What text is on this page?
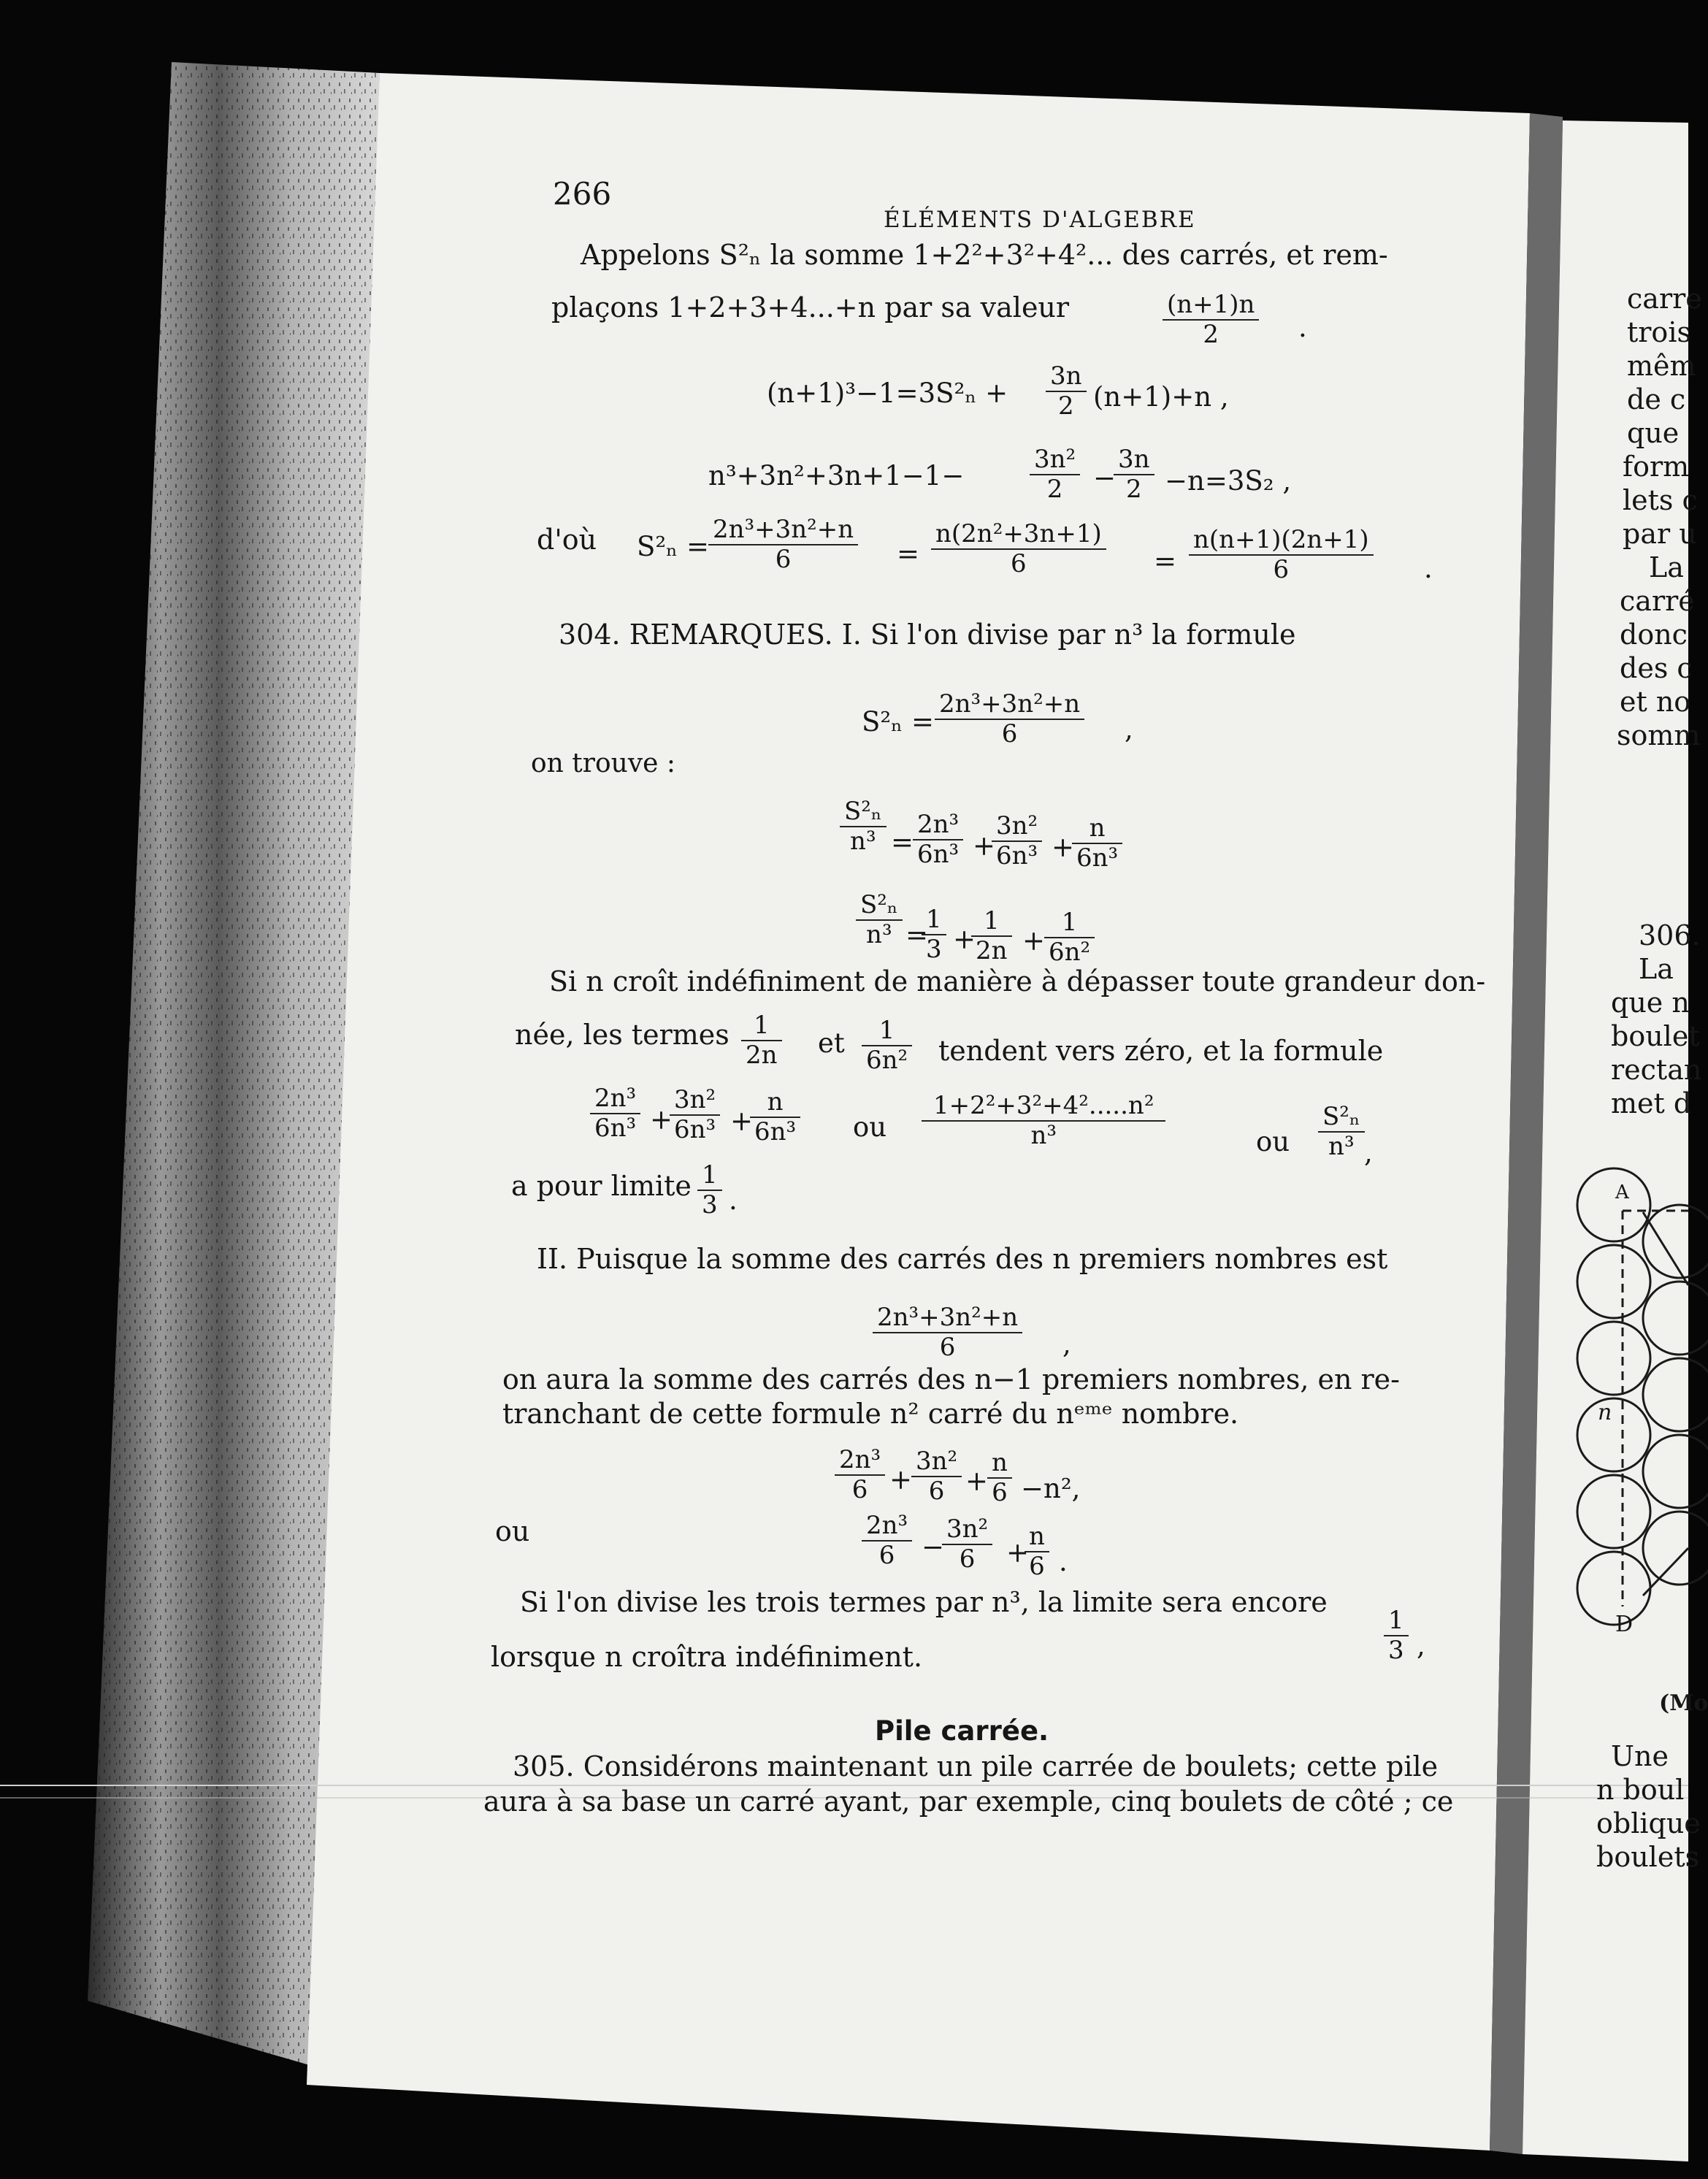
266
ÉLÉMENTS D'ALGEBRE
Appelons S²ₙ la somme 1+2²+3²+4²... des carrés, et rem-
plaçons 1+2+3+4...+n par sa valeur	$\frac{(n+1)n}{2}$ .
$(n+1)^3-1=3S^2_n + \frac{3n}{2} (n+1)+n$ ,
n³+3n²+3n+1−1−	$\frac{\text{3n²}}{2}$ −
$\frac{3n}{2} -n=3S_2$ ,
d'où $S^2_n = \frac{\text{2n³+3n²+n}}{6} = \frac{\text{n(2n²+3n+1)}}{6} = \frac{n(n+1)(2n+1)}{6}$ .
304. REMARQUES. I. Si l'on divise par n³ la formule
$S^2_n = \frac{\text{2n³+3n²+n}}{6}$ ,
on trouve :
$\frac{\text{S²ₙ}}{\text{n³}}$ =
$\frac{\text{2n³}}{\text{6n³}}$ +
$\frac{\text{3n²}}{\text{6n³}}$ +
$\frac{n}{\text{6n³}}$
$\frac{\text{S²ₙ}}{\text{n³}}$ =
$\frac{1}{3}$ +
$\frac{1}{2n}$ +
$\frac{1}{\text{6n²}}$
Si n croît indéfiniment de manière à dépasser toute grandeur don-
née, les termes $\frac{1}{2n}$ et $\frac{1}{\text{6n²}}$ tendent vers zéro, et la formule
$\frac{\text{2n³}}{\text{6n³}}$ +
$\frac{\text{3n²}}{\text{6n³}}$ +
$\frac{n}{\text{6n³}}$ ou $\frac{\text{1+2²+3²+4².....n²}}{\text{n³}}$	ou $\frac{\text{S²ₙ}}{\text{n³}}$ ,
a pour limite $\frac{1}{3}$ .
II. Puisque la somme des carrés des n premiers nombres est
$\frac{\text{2n³+3n²+n}}{6}$ ,
on aura la somme des carrés des n−1 premiers nombres, en re-
tranchant de cette formule n² carré du nᵉᵐᵉ nombre.
$\frac{\text{2n³}}{6}$ +
$\frac{\text{3n²}}{6}$ +
$\frac{n}{6} -n^2$,
ou	$\frac{\text{2n³}}{6}$ −
$\frac{\text{3n²}}{6}$ +
$\frac{n}{6}$ .
Si l'on divise les trois termes par n³, la limite sera encore
$\frac{1}{3}$ ,
lorsque n croîtra indéfiniment.
Pile carrée.
305. Considérons maintenant un pile carrée de boulets; cette pile
aura à sa base un carré ayant, par exemple, cinq boulets de côté ; ce
carre
trois
mêm
de c
que
form
lets c
par u
La
carré
donc
des c
et no
somm
306.
La
que n
boulet
rectan
met d
A
n
D
(Mo
Une
n boul
oblique
boulets
